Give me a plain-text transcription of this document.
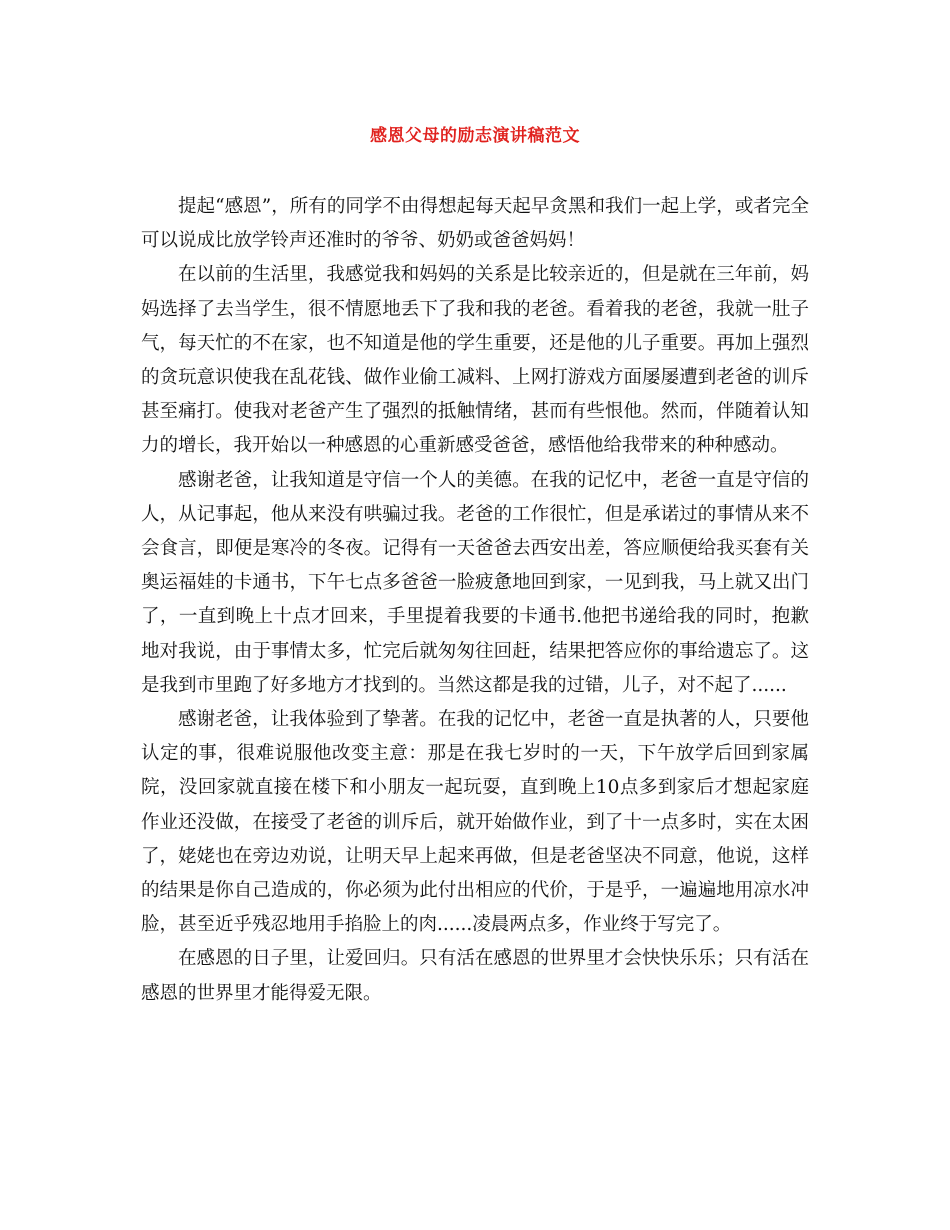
感恩父母的励志演讲稿范文

提起“感恩”，所有的同学不由得想起每天起早贪黑和我们一起上学，或者完全可以说成比放学铃声还准时的爷爷、奶奶或爸爸妈妈！

在以前的生活里，我感觉我和妈妈的关系是比较亲近的，但是就在三年前，妈妈选择了去当学生，很不情愿地丢下了我和我的老爸。看着我的老爸，我就一肚子气，每天忙的不在家，也不知道是他的学生重要，还是他的儿子重要。再加上强烈的贪玩意识使我在乱花钱、做作业偷工减料、上网打游戏方面屡屡遭到老爸的训斥甚至痛打。使我对老爸产生了强烈的抵触情绪，甚而有些恨他。然而，伴随着认知力的增长，我开始以一种感恩的心重新感受爸爸，感悟他给我带来的种种感动。

感谢老爸，让我知道是守信一个人的美德。在我的记忆中，老爸一直是守信的人，从记事起，他从来没有哄骗过我。老爸的工作很忙，但是承诺过的事情从来不会食言，即便是寒冷的冬夜。记得有一天爸爸去西安出差，答应顺便给我买套有关奥运福娃的卡通书，下午七点多爸爸一脸疲惫地回到家，一见到我，马上就又出门了，一直到晚上十点才回来，手里提着我要的卡通书.他把书递给我的同时，抱歉地对我说，由于事情太多，忙完后就匆匆往回赶，结果把答应你的事给遗忘了。这是我到市里跑了好多地方才找到的。当然这都是我的过错，儿子，对不起了......

感谢老爸，让我体验到了挚著。在我的记忆中，老爸一直是执著的人，只要他认定的事，很难说服他改变主意：那是在我七岁时的一天，下午放学后回到家属院，没回家就直接在楼下和小朋友一起玩耍，直到晚上10点多到家后才想起家庭作业还没做，在接受了老爸的训斥后，就开始做作业，到了十一点多时，实在太困了，姥姥也在旁边劝说，让明天早上起来再做，但是老爸坚决不同意，他说，这样的结果是你自己造成的，你必须为此付出相应的代价，于是乎，一遍遍地用凉水冲脸，甚至近乎残忍地用手掐脸上的肉......凌晨两点多，作业终于写完了。

在感恩的日子里，让爱回归。只有活在感恩的世界里才会快快乐乐；只有活在感恩的世界里才能得爱无限。
